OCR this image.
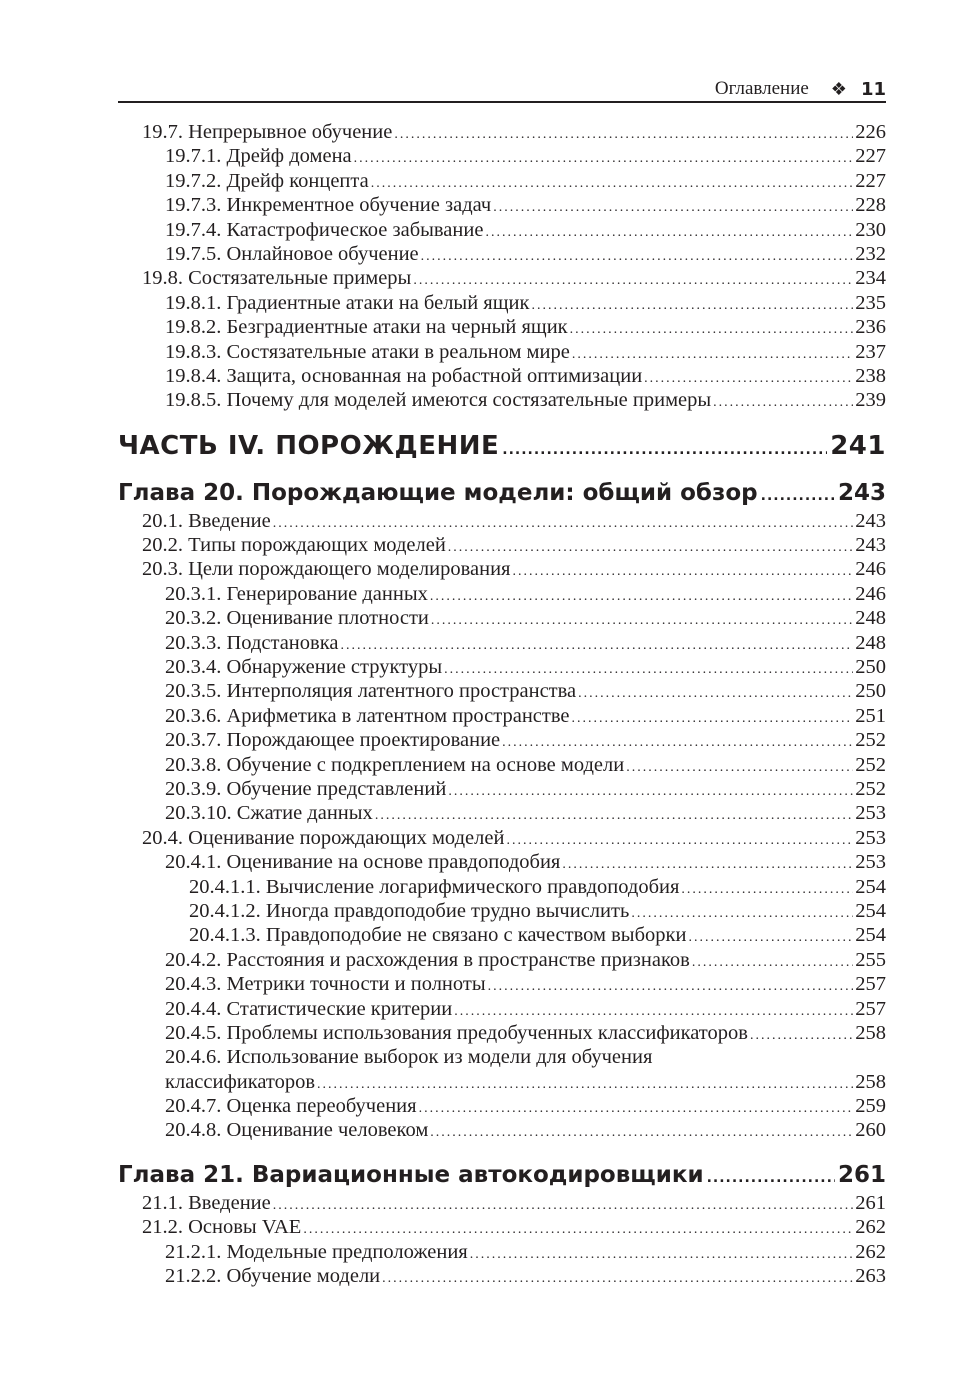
Оглавление ❖ 11
19.7. Непрерывное обучение .....	226
19.7.1. Дрейф домена .....	227
19.7.2. Дрейф концепта .....	227
19.7.3. Инкрементное обучение задач .....	228
19.7.4. Катастрофическое забывание .....	230
19.7.5. Онлайновое обучение .....	232
19.8. Состязательные примеры .....	234
19.8.1. Градиентные атаки на белый ящик .....	235
19.8.2. Безградиентные атаки на черный ящик .....	236
19.8.3. Состязательные атаки в реальном мире .....	237
19.8.4. Защита, основанная на робастной оптимизации .....	238
19.8.5. Почему для моделей имеются состязательные примеры .....	239
ЧАСТЬ IV. ПОРОЖДЕНИЕ .....	241
Глава 20. Порождающие модели: общий обзор .....	243
20.1. Введение .....	243
20.2. Типы порождающих моделей .....	243
20.3. Цели порождающего моделирования .....	246
20.3.1. Генерирование данных .....	246
20.3.2. Оценивание плотности .....	248
20.3.3. Подстановка .....	248
20.3.4. Обнаружение структуры .....	250
20.3.5. Интерполяция латентного пространства .....	250
20.3.6. Арифметика в латентном пространстве .....	251
20.3.7. Порождающее проектирование .....	252
20.3.8. Обучение с подкреплением на основе модели .....	252
20.3.9. Обучение представлений .....	252
20.3.10. Сжатие данных .....	253
20.4. Оценивание порождающих моделей .....	253
20.4.1. Оценивание на основе правдоподобия .....	253
20.4.1.1. Вычисление логарифмического правдоподобия .....	254
20.4.1.2. Иногда правдоподобие трудно вычислить .....	254
20.4.1.3. Правдоподобие не связано с качеством выборки .....	254
20.4.2. Расстояния и расхождения в пространстве признаков .....	255
20.4.3. Метрики точности и полноты .....	257
20.4.4. Статистические критерии .....	257
20.4.5. Проблемы использования предобученных классификаторов .....	258
20.4.6. Использование выборок из модели для обучения
классификаторов .....	258
20.4.7. Оценка переобучения .....	259
20.4.8. Оценивание человеком .....	260
Глава 21. Вариационные автокодировщики .....	261
21.1. Введение .....	261
21.2. Основы VAE .....	262
21.2.1. Модельные предположения .....	262
21.2.2. Обучение модели .....	263
